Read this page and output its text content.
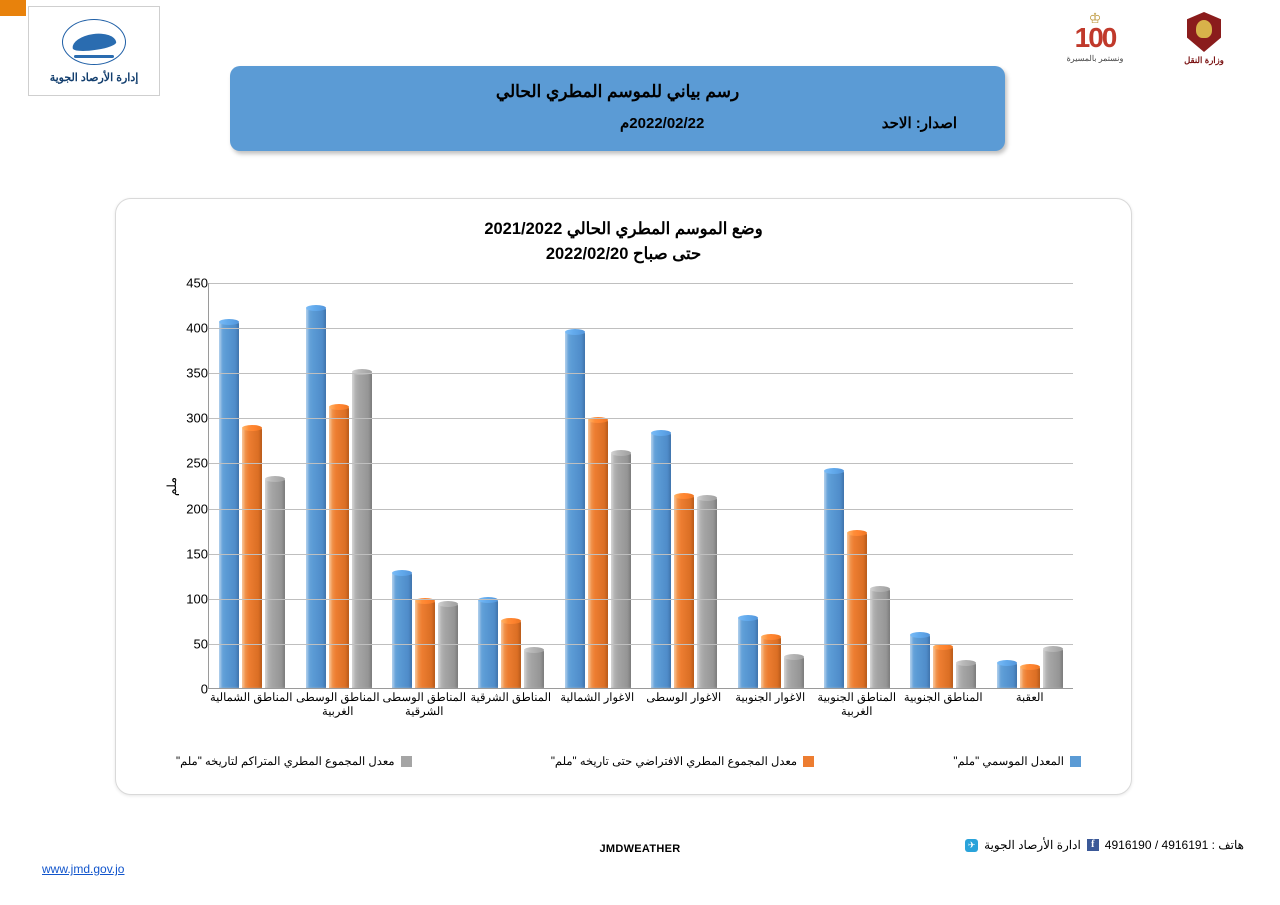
إدارة الأرصاد الجوية
رسم بياني للموسم المطري الحالي
اصدار: الاحد
2022/02/22م
♔
100
ونستمر بالمسيرة	وزارة النقل
وضع الموسم المطري الحالي 2021/2022
حتى صباح 2022/02/20
ملم
0
50
100
150
200
250
300
350
400
450
المناطق الشمالية المناطق الوسطى الغربية
المناطق الوسطى الشرقية
المناطق الشرقية الاغوار الشمالية	الاغوار الوسطى	الاغوار الجنوبية	المناطق الجنوبية الغربية
المناطق الجنوبية	العقبة
المعدل الموسمي "ملم"
معدل المجموع المطري الافتراضي حتى تاريخه "ملم"
معدل المجموع المطري المتراكم لتاريخه "ملم"
www.jmd.gov.jo
JMDWEATHER	هاتف : 4916191 / 4916190
f
ادارة الأرصاد الجوية
✈
